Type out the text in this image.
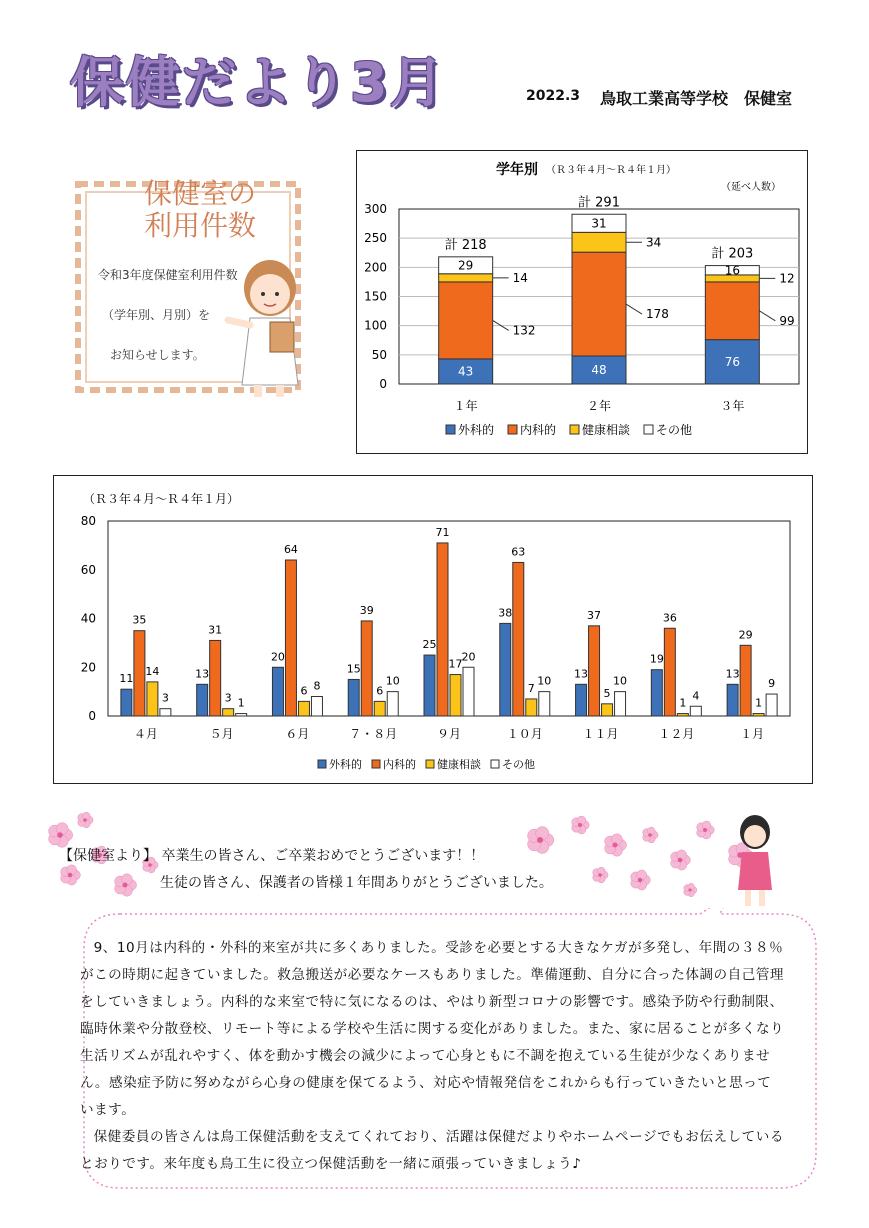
保健だより3月	2022.3 鳥取工業高等学校　保健室
保健室の
利用件数
令和3年度保健室利用件数
（学年別、月別）を
お知らせします。
学年別 （Ｒ３年４月～Ｒ４年１月）
（延べ人数）
0
50
100
150
200
250
300
43
132
14
29
計 218
１年
48
178
34
31
計 291
２年
76
99
12
16
計 203
３年
外科的 内科的 健康相談 その他
（Ｒ３年４月～Ｒ４年１月）
0
20
40
60
80
11
35
14
3
４月
13
31
3 1
５月
20
64
6 8
６月
15
39
6
10
７・８月
25
71
17
20
９月
38
63
7
10
１０月
13
37
5
10
１１月
19
36
1
4
１２月
13
29
1
9
１月
外科的 内科的 健康相談 その他
【保健室より】 卒業生の皆さん、ご卒業おめでとうございます！！
生徒の皆さん、保護者の皆様１年間ありがとうございました。

9、10月は内科的・外科的来室が共に多くありました。受診を必要とする大きなケガが多発し、年間の３８％がこの時期に起きていました。救急搬送が必要なケースもありました。準備運動、自分に合った体調の自己管理をしていきましょう。内科的な来室で特に気になるのは、やはり新型コロナの影響です。感染予防や行動制限、臨時休業や分散登校、リモート等による学校や生活に関する変化がありました。また、家に居ることが多くなり生活リズムが乱れやすく、体を動かす機会の減少によって心身ともに不調を抱えている生徒が少なくありません。感染症予防に努めながら心身の健康を保てるよう、対応や情報発信をこれからも行っていきたいと思っています。

保健委員の皆さんは鳥工保健活動を支えてくれており、活躍は保健だよりやホームページでもお伝えしているとおりです。来年度も鳥工生に役立つ保健活動を一緒に頑張っていきましょう♪
